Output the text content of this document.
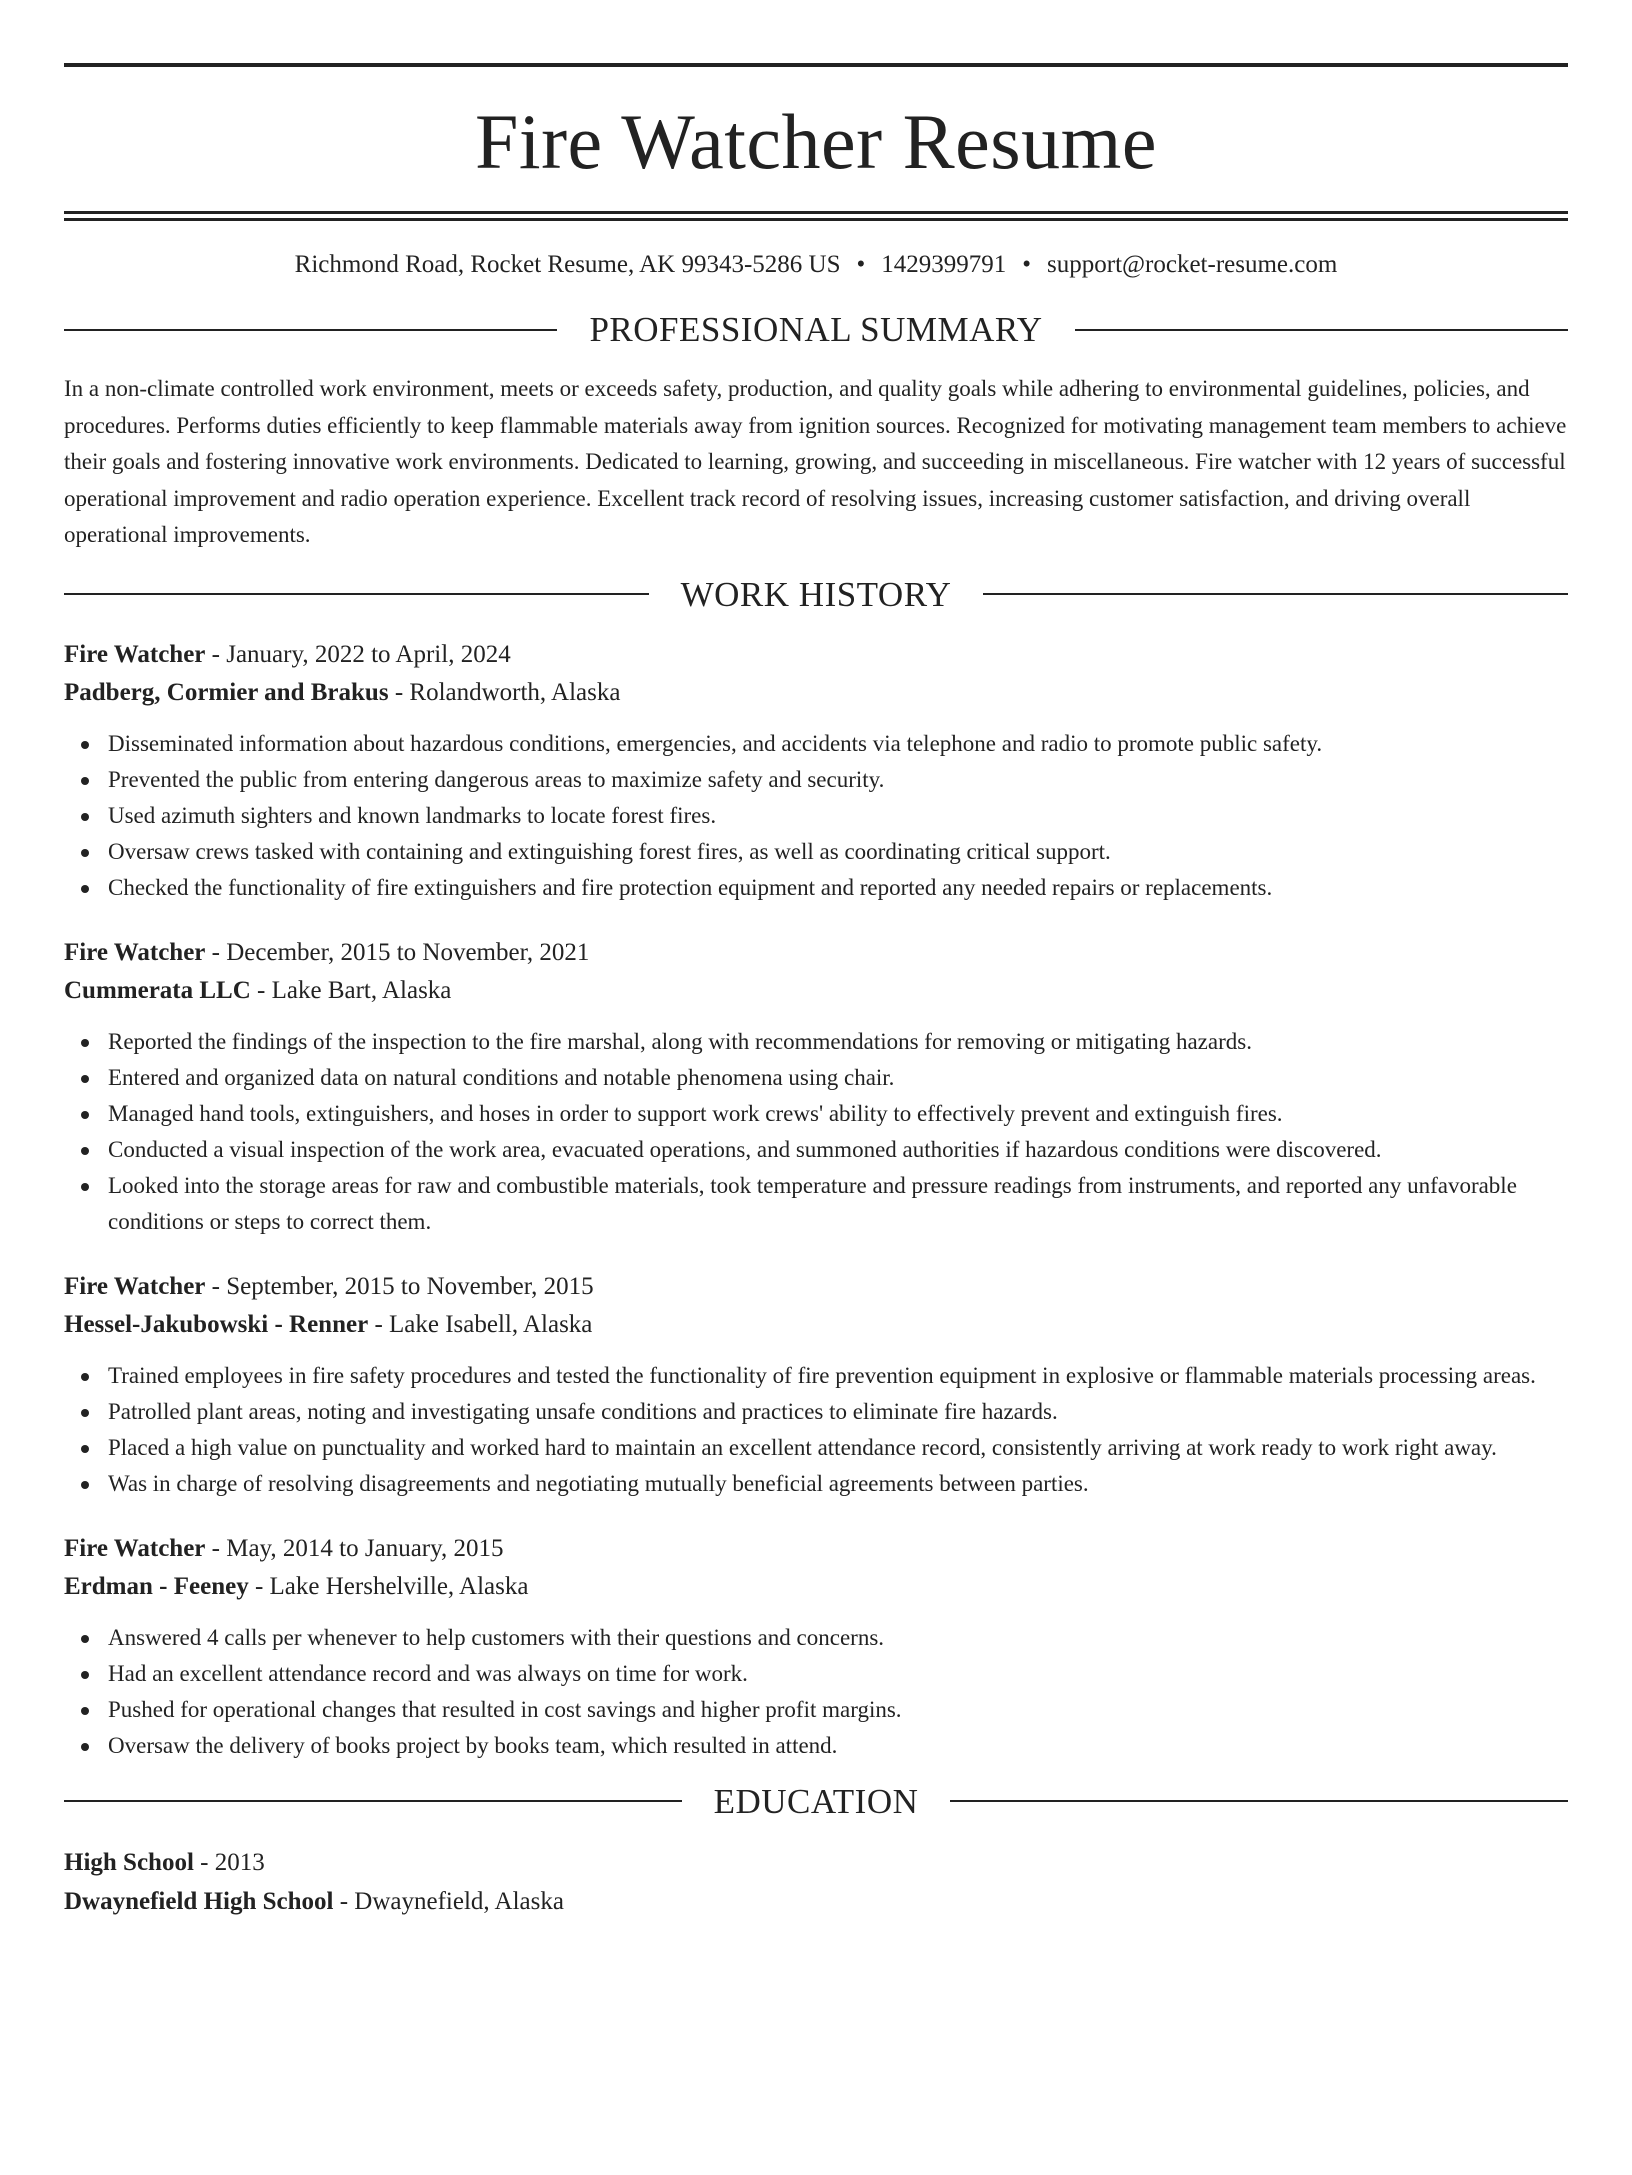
Fire Watcher Resume
Richmond Road, Rocket Resume, AK 99343-5286 US • 1429399791 • support@rocket-resume.com
PROFESSIONAL SUMMARY

In a non-climate controlled work environment, meets or exceeds safety, production, and quality goals while adhering to environmental guidelines, policies, and procedures. Performs duties efficiently to keep flammable materials away from ignition sources. Recognized for motivating management team members to achieve their goals and fostering innovative work environments. Dedicated to learning, growing, and succeeding in miscellaneous. Fire watcher with 12 years of successful operational improvement and radio operation experience. Excellent track record of resolving issues, increasing customer satisfaction, and driving overall operational improvements.

WORK HISTORY
Fire Watcher - January, 2022 to April, 2024
Padberg, Cormier and Brakus - Rolandworth, Alaska
Disseminated information about hazardous conditions, emergencies, and accidents via telephone and radio to promote public safety.
Prevented the public from entering dangerous areas to maximize safety and security.
Used azimuth sighters and known landmarks to locate forest fires.
Oversaw crews tasked with containing and extinguishing forest fires, as well as coordinating critical support.
Checked the functionality of fire extinguishers and fire protection equipment and reported any needed repairs or replacements.
Fire Watcher - December, 2015 to November, 2021
Cummerata LLC - Lake Bart, Alaska
Reported the findings of the inspection to the fire marshal, along with recommendations for removing or mitigating hazards.
Entered and organized data on natural conditions and notable phenomena using chair.
Managed hand tools, extinguishers, and hoses in order to support work crews' ability to effectively prevent and extinguish fires.
Conducted a visual inspection of the work area, evacuated operations, and summoned authorities if hazardous conditions were discovered.
Looked into the storage areas for raw and combustible materials, took temperature and pressure readings from instruments, and reported any unfavorable conditions or steps to correct them.
Fire Watcher - September, 2015 to November, 2015
Hessel-Jakubowski - Renner - Lake Isabell, Alaska
Trained employees in fire safety procedures and tested the functionality of fire prevention equipment in explosive or flammable materials processing areas.
Patrolled plant areas, noting and investigating unsafe conditions and practices to eliminate fire hazards.
Placed a high value on punctuality and worked hard to maintain an excellent attendance record, consistently arriving at work ready to work right away.
Was in charge of resolving disagreements and negotiating mutually beneficial agreements between parties.
Fire Watcher - May, 2014 to January, 2015
Erdman - Feeney - Lake Hershelville, Alaska
Answered 4 calls per whenever to help customers with their questions and concerns.
Had an excellent attendance record and was always on time for work.
Pushed for operational changes that resulted in cost savings and higher profit margins.
Oversaw the delivery of books project by books team, which resulted in attend.
EDUCATION
High School - 2013
Dwaynefield High School - Dwaynefield, Alaska
